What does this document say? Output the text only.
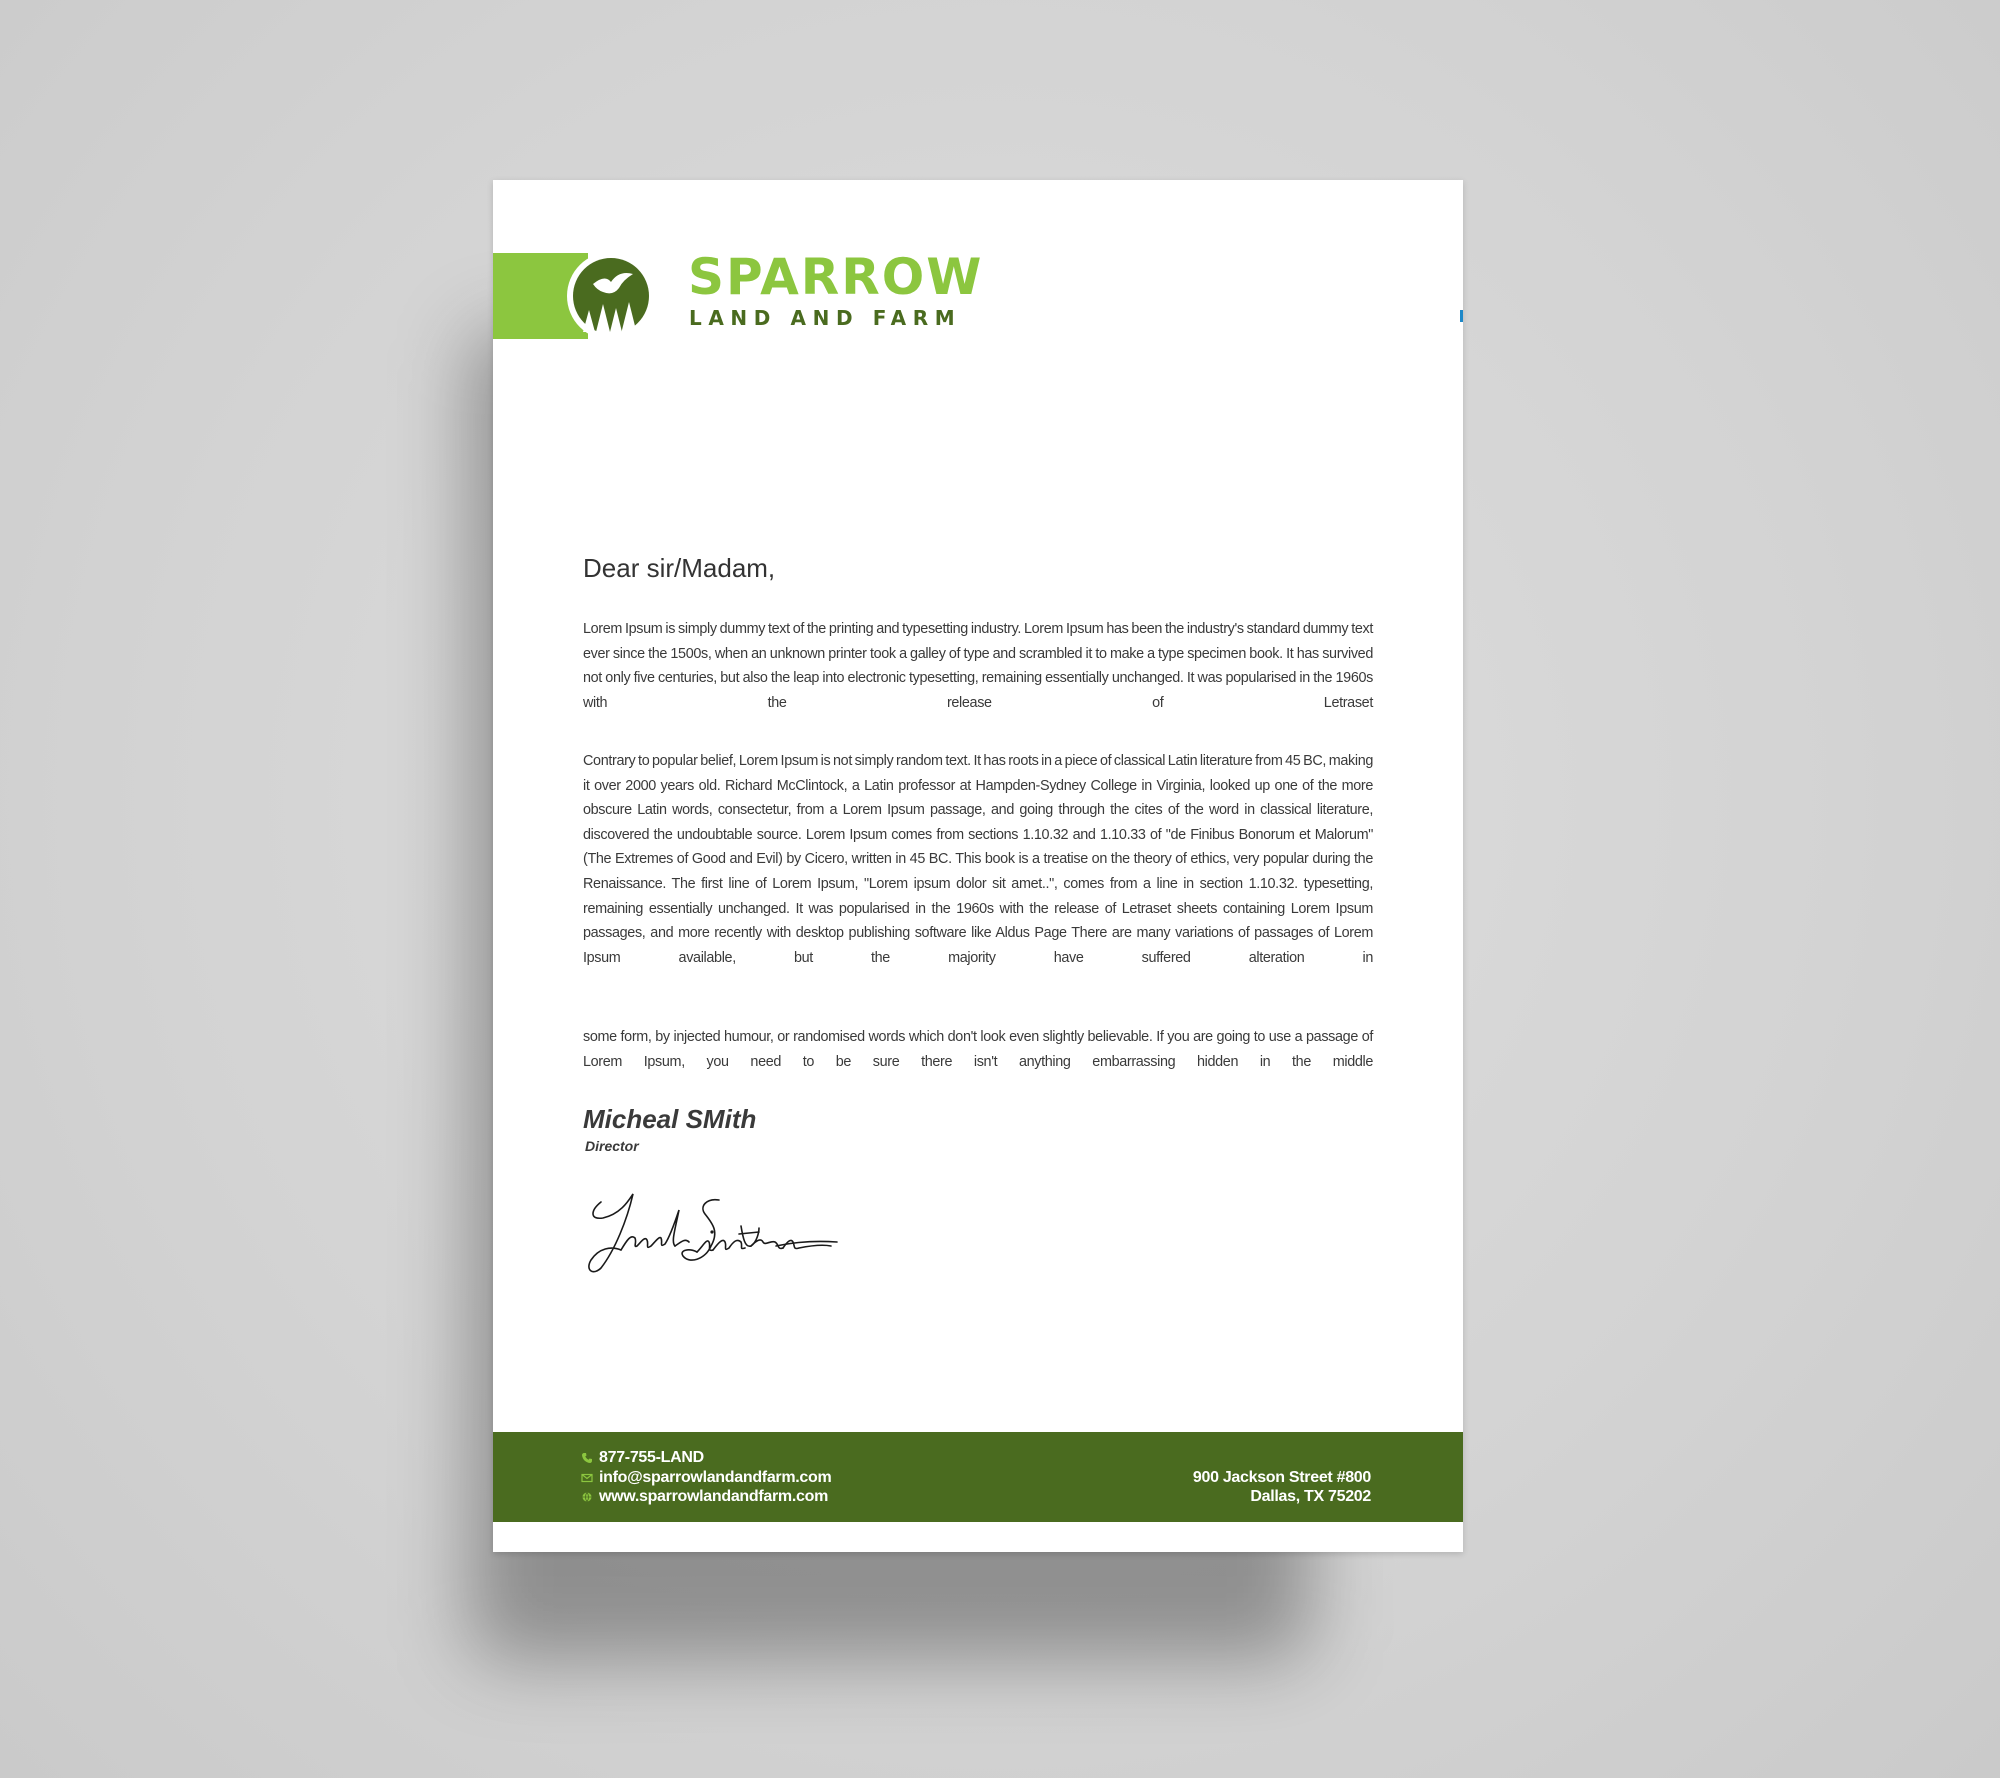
SPARROW
LAND AND FARM
Dear sir/Madam,
Lorem Ipsum is simply dummy text of the printing and typesetting industry. Lorem Ipsum has been the industry's standard dummy text ever since the 1500s, when an unknown printer took a galley of type and scrambled it to make a type specimen book. It has survived not only five centuries, but also the leap into electronic typesetting, remaining essentially unchanged. It was popularised in the 1960s with the release of Letraset
Contrary to popular belief, Lorem Ipsum is not simply random text. It has roots in a piece of classical Latin literature from 45 BC, making it over 2000 years old. Richard McClintock, a Latin professor at Hampden-Sydney College in Virginia, looked up one of the more obscure Latin words, consectetur, from a Lorem Ipsum passage, and going through the cites of the word in classical literature, discovered the undoubtable source. Lorem Ipsum comes from sections 1.10.32 and 1.10.33 of "de Finibus Bonorum et Malorum" (The Extremes of Good and Evil) by Cicero, written in 45 BC. This book is a treatise on the theory of ethics, very popular during the Renaissance. The first line of Lorem Ipsum, "Lorem ipsum dolor sit amet..", comes from a line in section 1.10.32. typesetting, remaining essentially unchanged. It was popularised in the 1960s with the release of Letraset sheets containing Lorem Ipsum passages, and more recently with desktop publishing software like Aldus Page There are many variations of passages of Lorem Ipsum available, but the majority have suffered alteration in
some form, by injected humour, or randomised words which don't look even slightly believable. If you are going to use a passage of Lorem Ipsum, you need to be sure there isn't anything embarrassing hidden in the middle
Micheal SMith
Director
877-755-LAND
info@sparrowlandandfarm.com
www.sparrowlandandfarm.com
900 Jackson Street #800
Dallas, TX 75202
